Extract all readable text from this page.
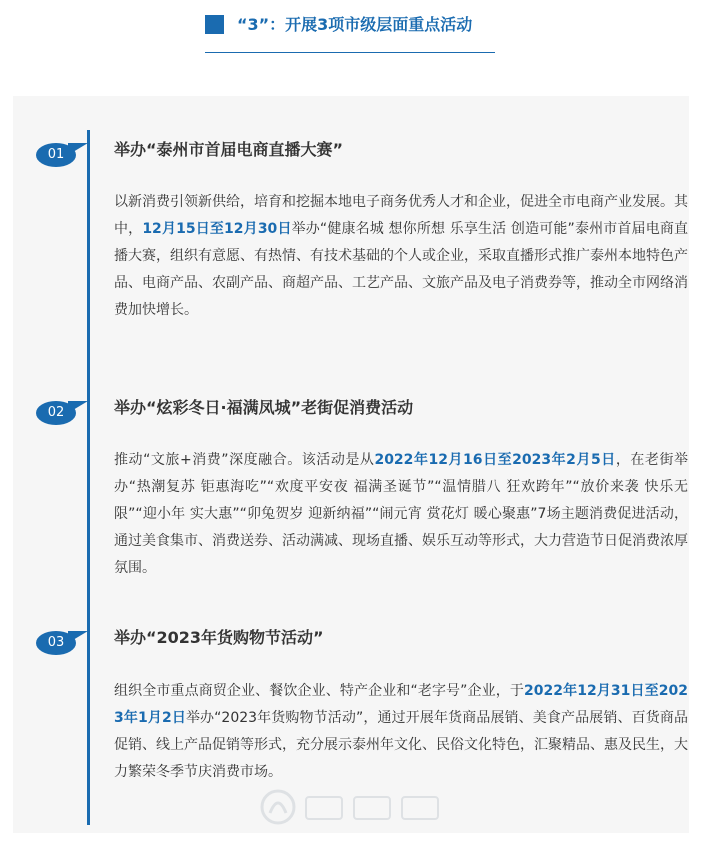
“3”：开展3项市级层面重点活动
01	举办“泰州市首届电商直播大赛”

以新消费引领新供给，培育和挖掘本地电子商务优秀人才和企业，促进全市电商产业发展。其中，12月15日至12月30日举办“健康名城 想你所想 乐享生活 创造可能”泰州市首届电商直播大赛，组织有意愿、有热情、有技术基础的个人或企业，采取直播形式推广泰州本地特色产品、电商产品、农副产品、商超产品、工艺产品、文旅产品及电子消费券等，推动全市网络消费加快增长。

02	举办“炫彩冬日·福满凤城”老街促消费活动

推动“文旅+消费”深度融合。该活动是从2022年12月16日至2023年2月5日，在老街举办“热潮复苏 钜惠海吃”“欢度平安夜 福满圣诞节”“温情腊八 狂欢跨年”“放价来袭 快乐无限”“迎小年 实大惠”“卯兔贺岁 迎新纳福”“闹元宵 赏花灯 暖心聚惠”7场主题消费促进活动，通过美食集市、消费送券、活动满减、现场直播、娱乐互动等形式，大力营造节日促消费浓厚氛围。

03	举办“2023年货购物节活动”

组织全市重点商贸企业、餐饮企业、特产企业和“老字号”企业，于2022年12月31日至2023年1月2日举办“2023年货购物节活动”，通过开展年货商品展销、美食产品展销、百货商品促销、线上产品促销等形式，充分展示泰州年文化、民俗文化特色，汇聚精品、惠及民生，大力繁荣冬季节庆消费市场。
